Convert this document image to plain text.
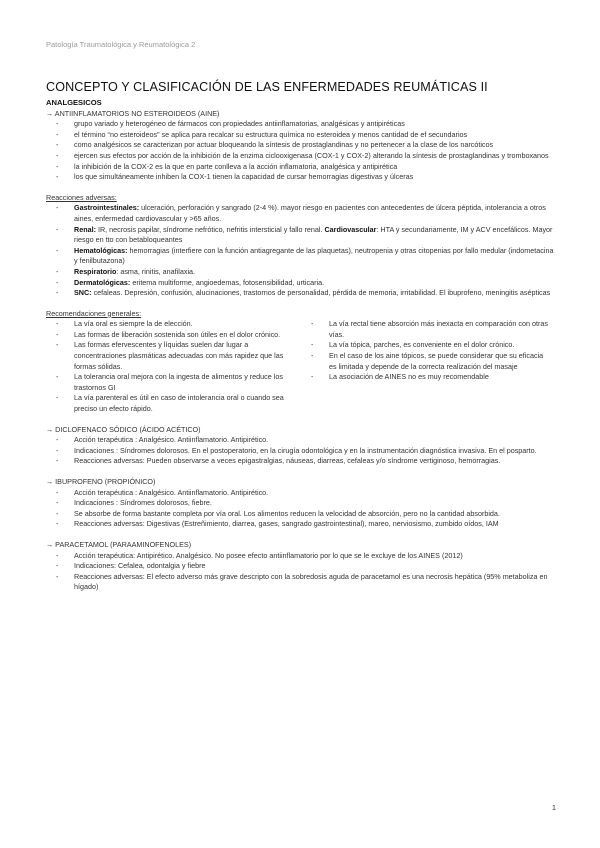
Patología Traumatológica y Reumatológica 2
CONCEPTO Y CLASIFICACIÓN DE LAS ENFERMEDADES REUMÁTICAS II
ANALGESICOS
→ ANTIINFLAMATORIOS NO ESTEROIDEOS (AINE)
- grupo variado y heterogéneo de fármacos con propiedades antiinflamatorias, analgésicas y antipiréticas
- el término “no esteroideos” se aplica para recalcar su estructura química no esteroidea y menos cantidad de ef secundarios
- como analgésicos se caracterizan por actuar bloqueando la síntesis de prostaglandinas y no pertenecer a la clase de los narcóticos
- ejercen sus efectos por acción de la inhibición de la enzima ciclooxigenasa (COX-1 y COX-2) alterando la síntesis de prostaglandinas y tromboxanos
- la inhibición de la COX-2 es la que en parte conlleva a la acción inflamatoria, analgésica y antipirética
- los que simultáneamente inhiben la COX-1 tienen la capacidad de cursar hemorragias digestivas y úlceras
Reacciones adversas:
- Gastrointestinales: ulceración, perforación y sangrado (2-4 %). mayor riesgo en pacientes con antecedentes de úlcera péptida, intolerancia a otros aines, enfermedad cardiovascular y >65 años.
- Renal: IR, necrosis papilar, síndrome nefrótico, nefritis intersticial y fallo renal. Cardiovascular: HTA y secundariamente, IM y ACV encefálicos. Mayor riesgo en tto con betabloqueantes
- Hematológicas: hemorragias (interfiere con la función antiagregante de las plaquetas), neutropenia y otras citopenias por fallo medular (indometacina y fenilbutazona)
- Respiratorio: asma, rinitis, anafilaxia.
- Dermatológicas: eritema multiforme, angioedemas, fotosensibilidad, urticaria.
- SNC: cefaleas. Depresión, confusión, alucinaciones, trastornos de personalidad, pérdida de memoria, irritabilidad. El ibuprofeno, meningitis asépticas
Recomendaciones generales:
- La vía oral es siempre la de elección.
- Las formas de liberación sostenida son útiles en el dolor crónico.
- Las formas efervescentes y líquidas suelen dar lugar a concentraciones plasmáticas adecuadas con más rapidez que las formas sólidas.
- La tolerancia oral mejora con la ingesta de alimentos y reduce los trastornos GI
- La vía parenteral es útil en caso de intolerancia oral o cuando sea preciso un efecto rápido.
- La vía rectal tiene absorción más inexacta en comparación con otras vías.
- La vía tópica, parches, es conveniente en el dolor crónico.
- En el caso de los aine tópicos, se puede considerar que su eficacia es limitada y depende de la correcta realización del masaje
- La asociación de AINES no es muy recomendable
→ DICLOFENACO SÓDICO (ÁCIDO ACÉTICO)
- Acción terapéutica : Analgésico. Antiinflamatorio. Antipirético.
- Indicaciones : Síndromes dolorosos. En el postoperatorio, en la cirugía odontológica y en la instrumentación diagnóstica invasiva. En el posparto.
- Reacciones adversas: Pueden observarse a veces epigastralgias, náuseas, diarreas, cefaleas y/o síndrome vertiginoso, hemorragias.
→ IBUPROFENO (PROPIÓNICO)
- Acción terapéutica : Analgésico. Antiinflamatorio. Antipirético.
- Indicaciones : Síndromes dolorosos, fiebre.
- Se absorbe de forma bastante completa por vía oral. Los alimentos reducen la velocidad de absorción, pero no la cantidad absorbida.
- Reacciones adversas: Digestivas (Estreñimiento, diarrea, gases, sangrado gastrointestinal), mareo, nerviosismo, zumbido oídos, IAM
→ PARACETAMOL (PARAAMINOFENOLES)
- Acción terapéutica: Antipirético. Analgésico. No posee efecto antiinflamatorio por lo que se le excluye de los AINES (2012)
- Indicaciones: Cefalea, odontalgia y fiebre
- Reacciones adversas: El efecto adverso más grave descripto con la sobredosis aguda de paracetamol es una necrosis hepática (95% metaboliza en hígado)
1
